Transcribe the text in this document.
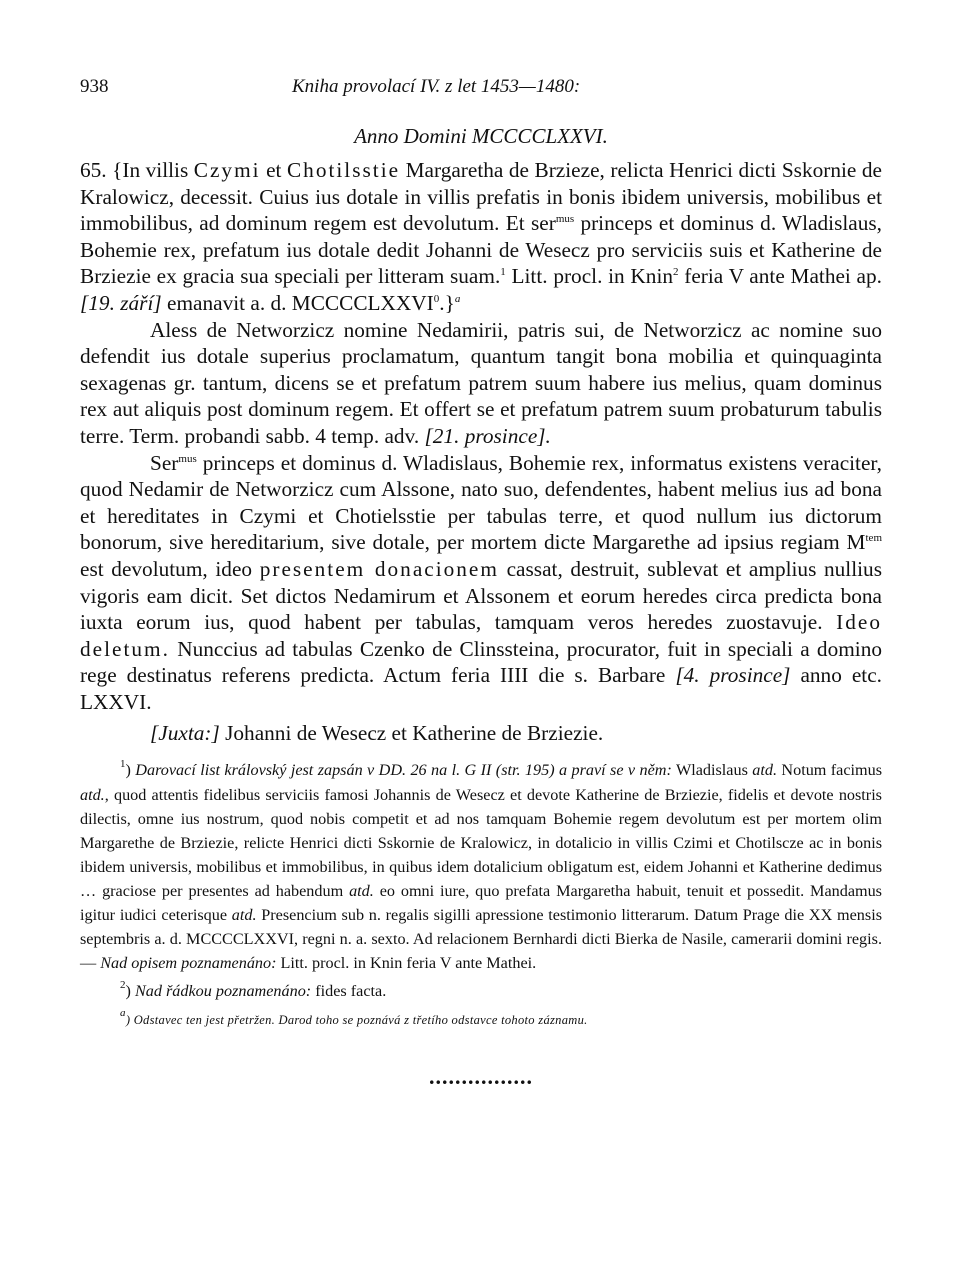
938	Kniha provolací IV. z let 1453—1480:
Anno Domini MCCCCLXXVI.

65. {In villis Czymi et Chotilsstie Margaretha de Brzieze, relicta Henrici dicti Sskornie de Kralowicz, decessit. Cuius ius dotale in villis prefatis in bonis ibidem universis, mobilibus et immobilibus, ad dominum regem est devolutum. Et ser$^{mus}$ princeps et dominus d. Wladislaus, Bohemie rex, prefatum ius dotale dedit Johanni de Wesecz pro serviciis suis et Katherine de Brziezie ex gracia sua speciali per litteram suam.$^1$ Litt. procl. in Knin$^2$ feria V ante Mathei ap. [19. září] emanavit a. d. MCCCCLXXVI$^0$.}$^a$

Aless de Networzicz nomine Nedamirii, patris sui, de Networzicz ac nomine suo defendit ius dotale superius proclamatum, quantum tangit bona mobilia et quinquaginta sexagenas gr. tantum, dicens se et prefatum patrem suum habere ius melius, quam dominus rex aut aliquis post dominum regem. Et offert se et prefatum patrem suum probaturum tabulis terre. Term. probandi sabb. 4 temp. adv. [21. prosince].

Ser$^{mus}$ princeps et dominus d. Wladislaus, Bohemie rex, informatus existens veraciter, quod Nedamir de Networzicz cum Alssone, nato suo, defendentes, habent melius ius ad bona et hereditates in Czymi et Chotielsstie per tabulas terre, et quod nullum ius dictorum bonorum, sive hereditarium, sive dotale, per mortem dicte Margarethe ad ipsius regiam $M^{tem}$ est devolutum, ideo presentem donacionem cassat, destruit, sublevat et amplius nullius vigoris eam dicit. Set dictos Nedamirum et Alssonem et eorum heredes circa predicta bona iuxta eorum ius, quod habent per tabulas, tamquam veros heredes zuostavuje. Ideo deletum. Nunccius ad tabulas Czenko de Clinssteina, procurator, fuit in speciali a domino rege destinatus referens predicta. Actum feria IIII die s. Barbare [4. prosince] anno etc. LXXVI.

[Juxta:] Johanni de Wesecz et Katherine de Brziezie.

$^1$) Darovací list královský jest zapsán v DD. 26 na l. G II (str. 195) a praví se v něm: Wladislaus atd. Notum facimus atd., quod attentis fidelibus serviciis famosi Johannis de Wesecz et devote Katherine de Brziezie, fidelis et devote nostris dilectis, omne ius nostrum, quod nobis competit et ad nos tamquam Bohemie regem devolutum est per mortem olim Margarethe de Brziezie, relicte Henrici dicti Sskornie de Kralowicz, in dotalicio in villis Czimi et Chotilscze ac in bonis ibidem universis, mobilibus et immobilibus, in quibus idem dotalicium obligatum est, eidem Johanni et Katherine dedimus … graciose per presentes ad habendum atd. eo omni iure, quo prefata Margaretha habuit, tenuit et possedit. Mandamus igitur iudici ceterisque atd. Presencium sub n. regalis sigilli apressione testimonio litterarum. Datum Prage die XX mensis septembris a. d. MCCCCLXXVI, regni n. a. sexto. Ad relacionem Bernhardi dicti Bierka de Nasile, camerarii domini regis. — Nad opisem poznamenáno: Litt. procl. in Knin feria V ante Mathei.

$^2$) Nad řádkou poznamenáno: fides facta.

$^a$) Odstavec ten jest přetržen. Darod toho se poznává z třetího odstavce tohoto záznamu.

................
